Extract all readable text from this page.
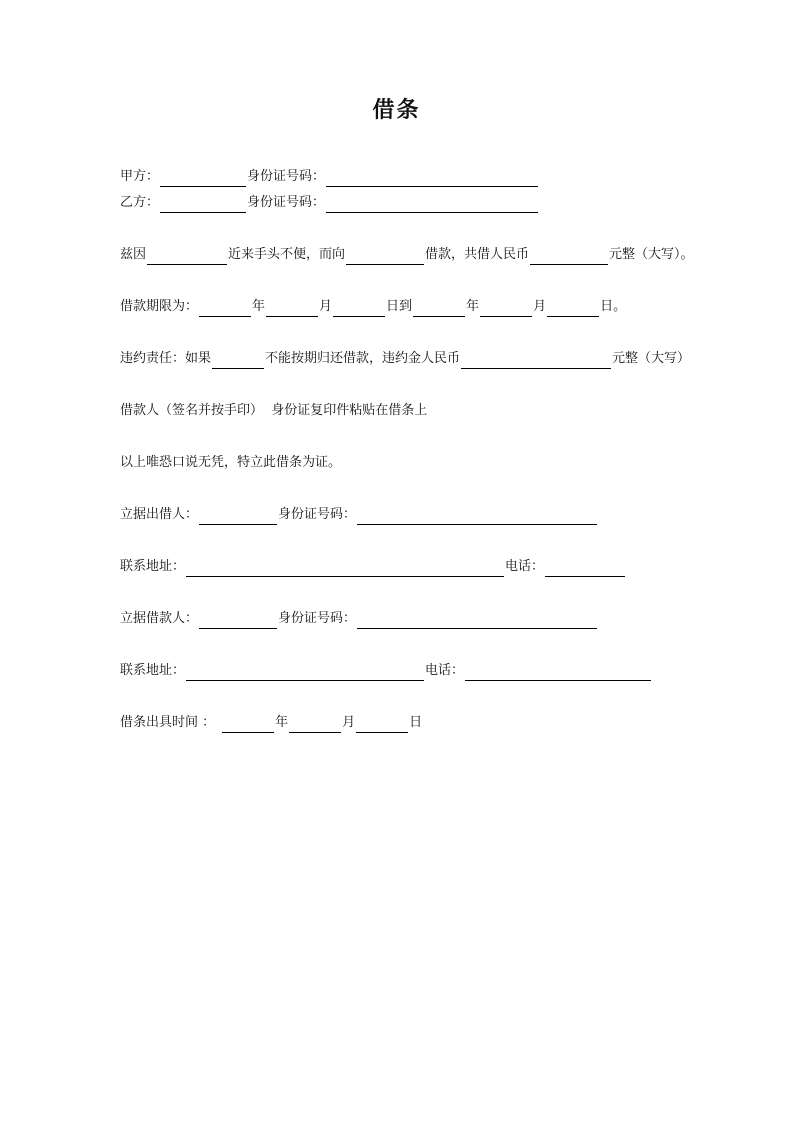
借条
甲方：	身份证号码：
乙方：	身份证号码：
兹因	近来手头不便，而向	借款，共借人民币	元整（大写）。
借款期限为：	年	月	日到	年	月	日。
违约责任：如果	不能按期归还借款，违约金人民币	元整（大写）
借款人（签名并按手印）  身份证复印件粘贴在借条上
以上唯恐口说无凭，特立此借条为证。
立据出借人：	身份证号码：
联系地址：	电话：
立据借款人：	身份证号码：
联系地址：	电话：
借条出具时间 ：	年	月	日
